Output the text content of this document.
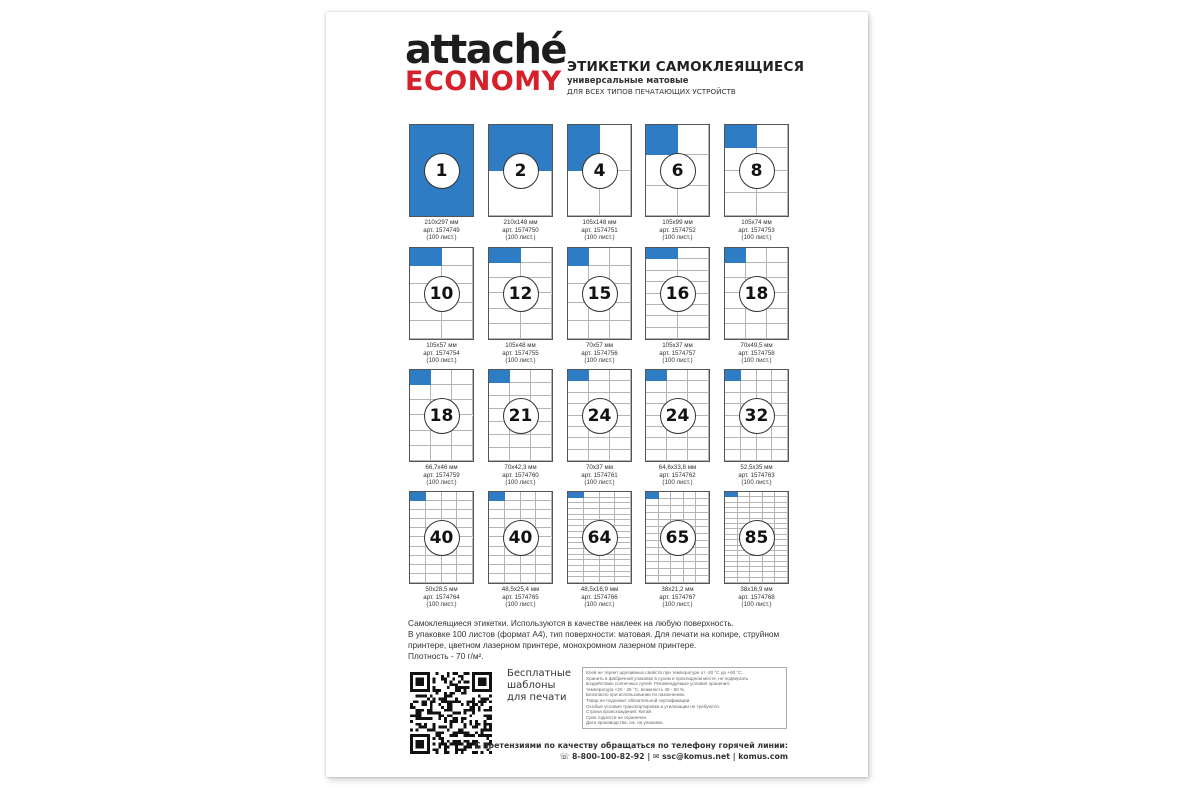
attaché
ECONOMY ЭТИКЕТКИ САМОКЛЕЯЩИЕСЯ
универсальные матовые
ДЛЯ ВСЕХ ТИПОВ ПЕЧАТАЮЩИХ УСТРОЙСТВ
1
210x297 мм
арт. 1574749
(100 лист.)
2
210x148 мм
арт. 1574750
(100 лист.)
4
105x148 мм
арт. 1574751
(100 лист.)
6
105x99 мм
арт. 1574752
(100 лист.)
8
105x74 мм
арт. 1574753
(100 лист.)
10
105x57 мм
арт. 1574754
(100 лист.)
12
105x48 мм
арт. 1574755
(100 лист.)
15
70x57 мм
арт. 1574756
(100 лист.)
16
105x37 мм
арт. 1574757
(100 лист.)
18
70x49,5 мм
арт. 1574758
(100 лист.)
18
66,7x46 мм
арт. 1574759
(100 лист.)
21
70x42,3 мм
арт. 1574760
(100 лист.)
24
70x37 мм
арт. 1574761
(100 лист.)
24
64,6x33,8 мм
арт. 1574762
(100 лист.)
32
52,5x35 мм
арт. 1574763
(100 лист.)
40
50x28,5 мм
арт. 1574764
(100 лист.)
40
48,5x25,4 мм
арт. 1574765
(100 лист.)
64
48,5x16,9 мм
арт. 1574766
(100 лист.)
65
38x21,2 мм
арт. 1574767
(100 лист.)
85
38x16,9 мм
арт. 1574768
(100 лист.)
Самоклеящиеся этикетки. Используются в качестве наклеек на любую поверхность.
В упаковке 100 листов (формат А4), тип поверхности: матовая. Для печати на копире, струйном
принтере, цветном лазерном принтере, монохромном лазерном принтере.
Плотность - 70 г/м².
Бесплатные
шаблоны
для печати
Клей не теряет адгезивных свойств при температуре от -20 °С до +60 °С.
Хранить в фабричной упаковке в сухом и прохладном месте, не подвергать
воздействию солнечных лучей. Рекомендуемые условия хранения:
температура +20 - 25 °С, влажность 40 - 50 %.
Безопасно при использовании по назначению.
Товар не подлежит обязательной сертификации.
Особые условия транспортировки и утилизации не требуются.
Страна происхождения: Китай.
Срок годности не ограничен.
Дата производства: см. на упаковке.
С претензиями по качеству обращаться по телефону горячей линии:
☏ 8-800-100-82-92 | ✉ ssc@komus.net | komus.com
